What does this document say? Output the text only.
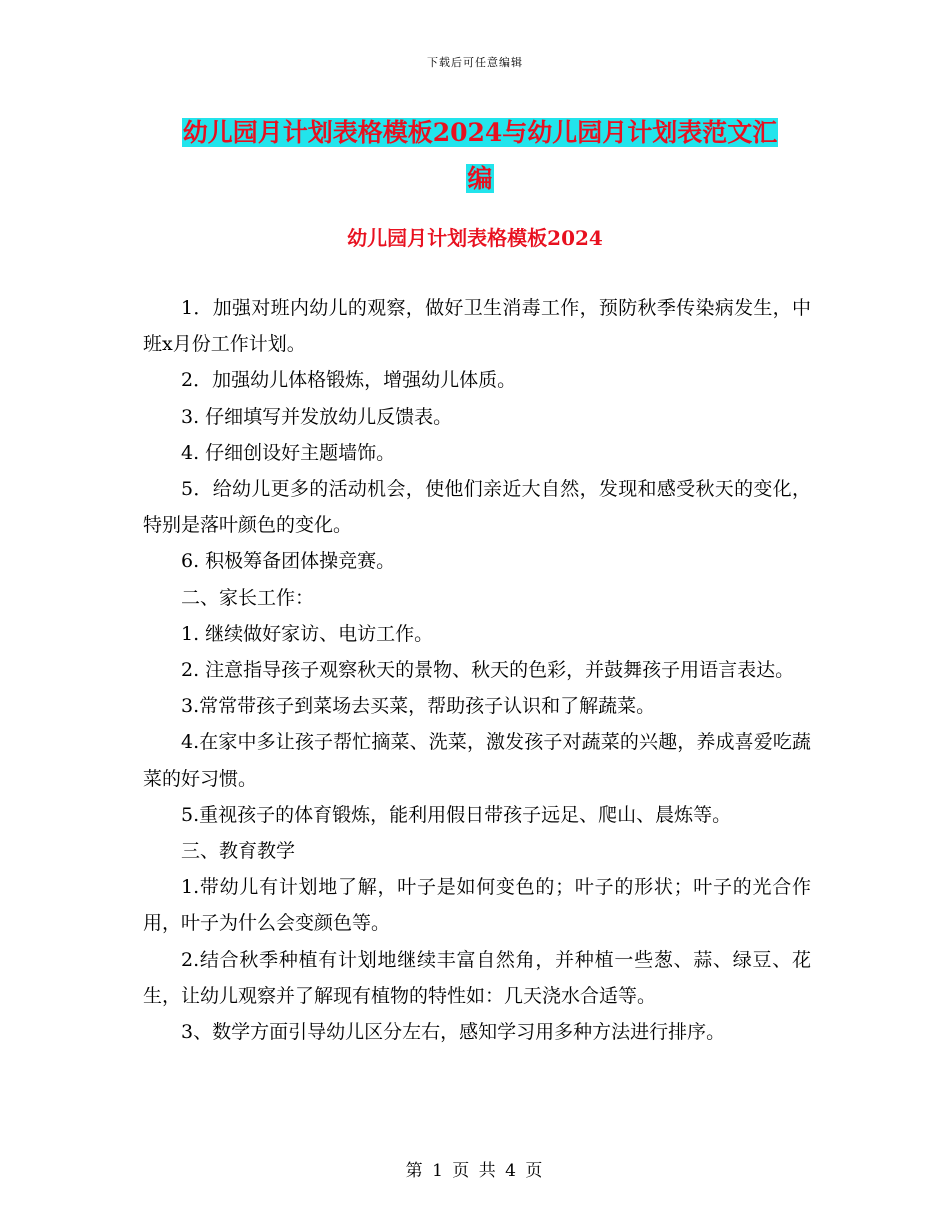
下载后可任意编辑
幼儿园月计划表格模板2024与幼儿园月计划表范文汇
编
幼儿园月计划表格模板2024

1．加强对班内幼儿的观察，做好卫生消毒工作，预防秋季传染病发生，中班x月份工作计划。

2．加强幼儿体格锻炼，增强幼儿体质。

3. 仔细填写并发放幼儿反馈表。

4. 仔细创设好主题墙饰。

5．给幼儿更多的活动机会，使他们亲近大自然，发现和感受秋天的变化，特别是落叶颜色的变化。

6. 积极筹备团体操竞赛。

二、家长工作：

1. 继续做好家访、电访工作。

2. 注意指导孩子观察秋天的景物、秋天的色彩，并鼓舞孩子用语言表达。

3.常常带孩子到菜场去买菜，帮助孩子认识和了解蔬菜。

4.在家中多让孩子帮忙摘菜、洗菜，激发孩子对蔬菜的兴趣，养成喜爱吃蔬菜的好习惯。

5.重视孩子的体育锻炼，能利用假日带孩子远足、爬山、晨炼等。

三、教育教学

1.带幼儿有计划地了解，叶子是如何变色的；叶子的形状；叶子的光合作用，叶子为什么会变颜色等。

2.结合秋季种植有计划地继续丰富自然角，并种植一些葱、蒜、绿豆、花生，让幼儿观察并了解现有植物的特性如：几天浇水合适等。

3、数学方面引导幼儿区分左右，感知学习用多种方法进行排序。

第 1 页 共 4 页
